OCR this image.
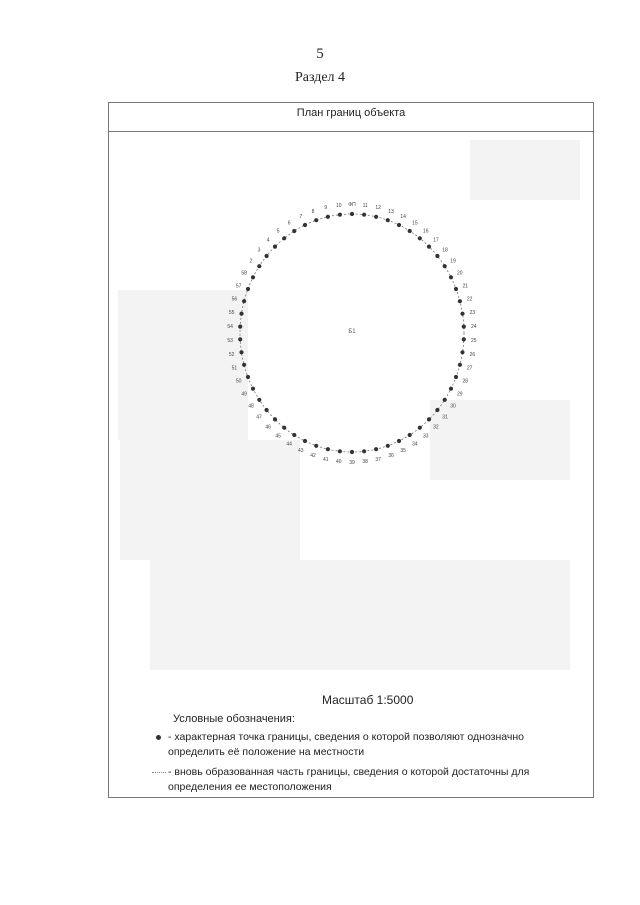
5
Раздел 4
План границ объекта
ФП 11 12
13
14
15
16
17
18
19
20
21
22
23
24
25
26
27
28
29
30
31
32
33
34
35
36
37
38
39
40
41
42
43
44
45
46
47
48
49
50
51
52
53
54
55
56
57
58
2
3
4
5
6
7
8
9 10
Б1
Масштаб 1:5000
Условные обозначения:
- характерная точка границы, сведения о которой позволяют однозначно
определить её положение на местности
- вновь образованная часть границы, сведения о которой достаточны для
определения ее местоположения
